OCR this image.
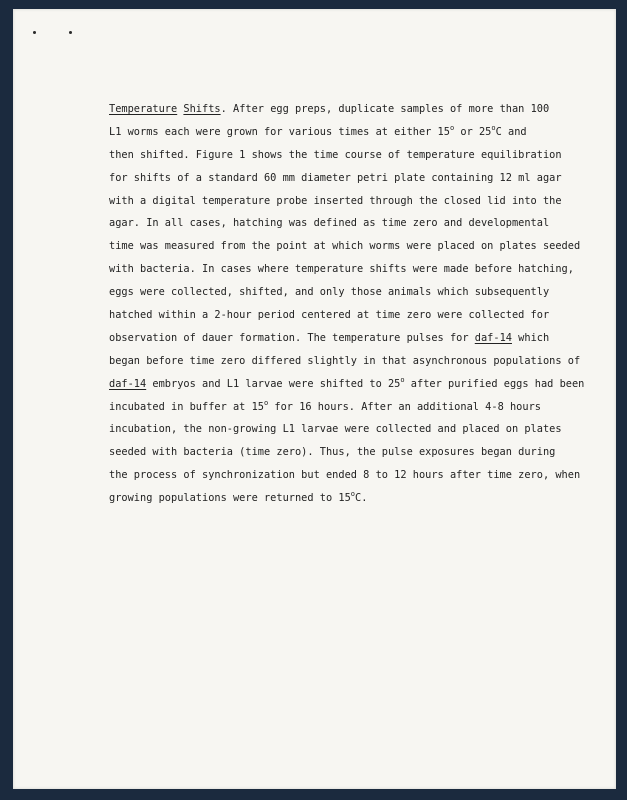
Temperature Shifts. After egg preps, duplicate samples of more than 100
L1 worms each were grown for various times at either 15$^o$ or 25$^o$C and
then shifted. Figure 1 shows the time course of temperature equilibration
for shifts of a standard 60 mm diameter petri plate containing 12 ml agar
with a digital temperature probe inserted through the closed lid into the
agar. In all cases, hatching was defined as time zero and developmental
time was measured from the point at which worms were placed on plates seeded
with bacteria. In cases where temperature shifts were made before hatching,
eggs were collected, shifted, and only those animals which subsequently
hatched within a 2-hour period centered at time zero were collected for
observation of dauer formation. The temperature pulses for daf-14 which
began before time zero differed slightly in that asynchronous populations of
daf-14 embryos and L1 larvae were shifted to 25$^o$ after purified eggs had been
incubated in buffer at 15$^o$ for 16 hours. After an additional 4-8 hours
incubation, the non-growing L1 larvae were collected and placed on plates
seeded with bacteria (time zero). Thus, the pulse exposures began during
the process of synchronization but ended 8 to 12 hours after time zero, when
growing populations were returned to 15$^o$C.
